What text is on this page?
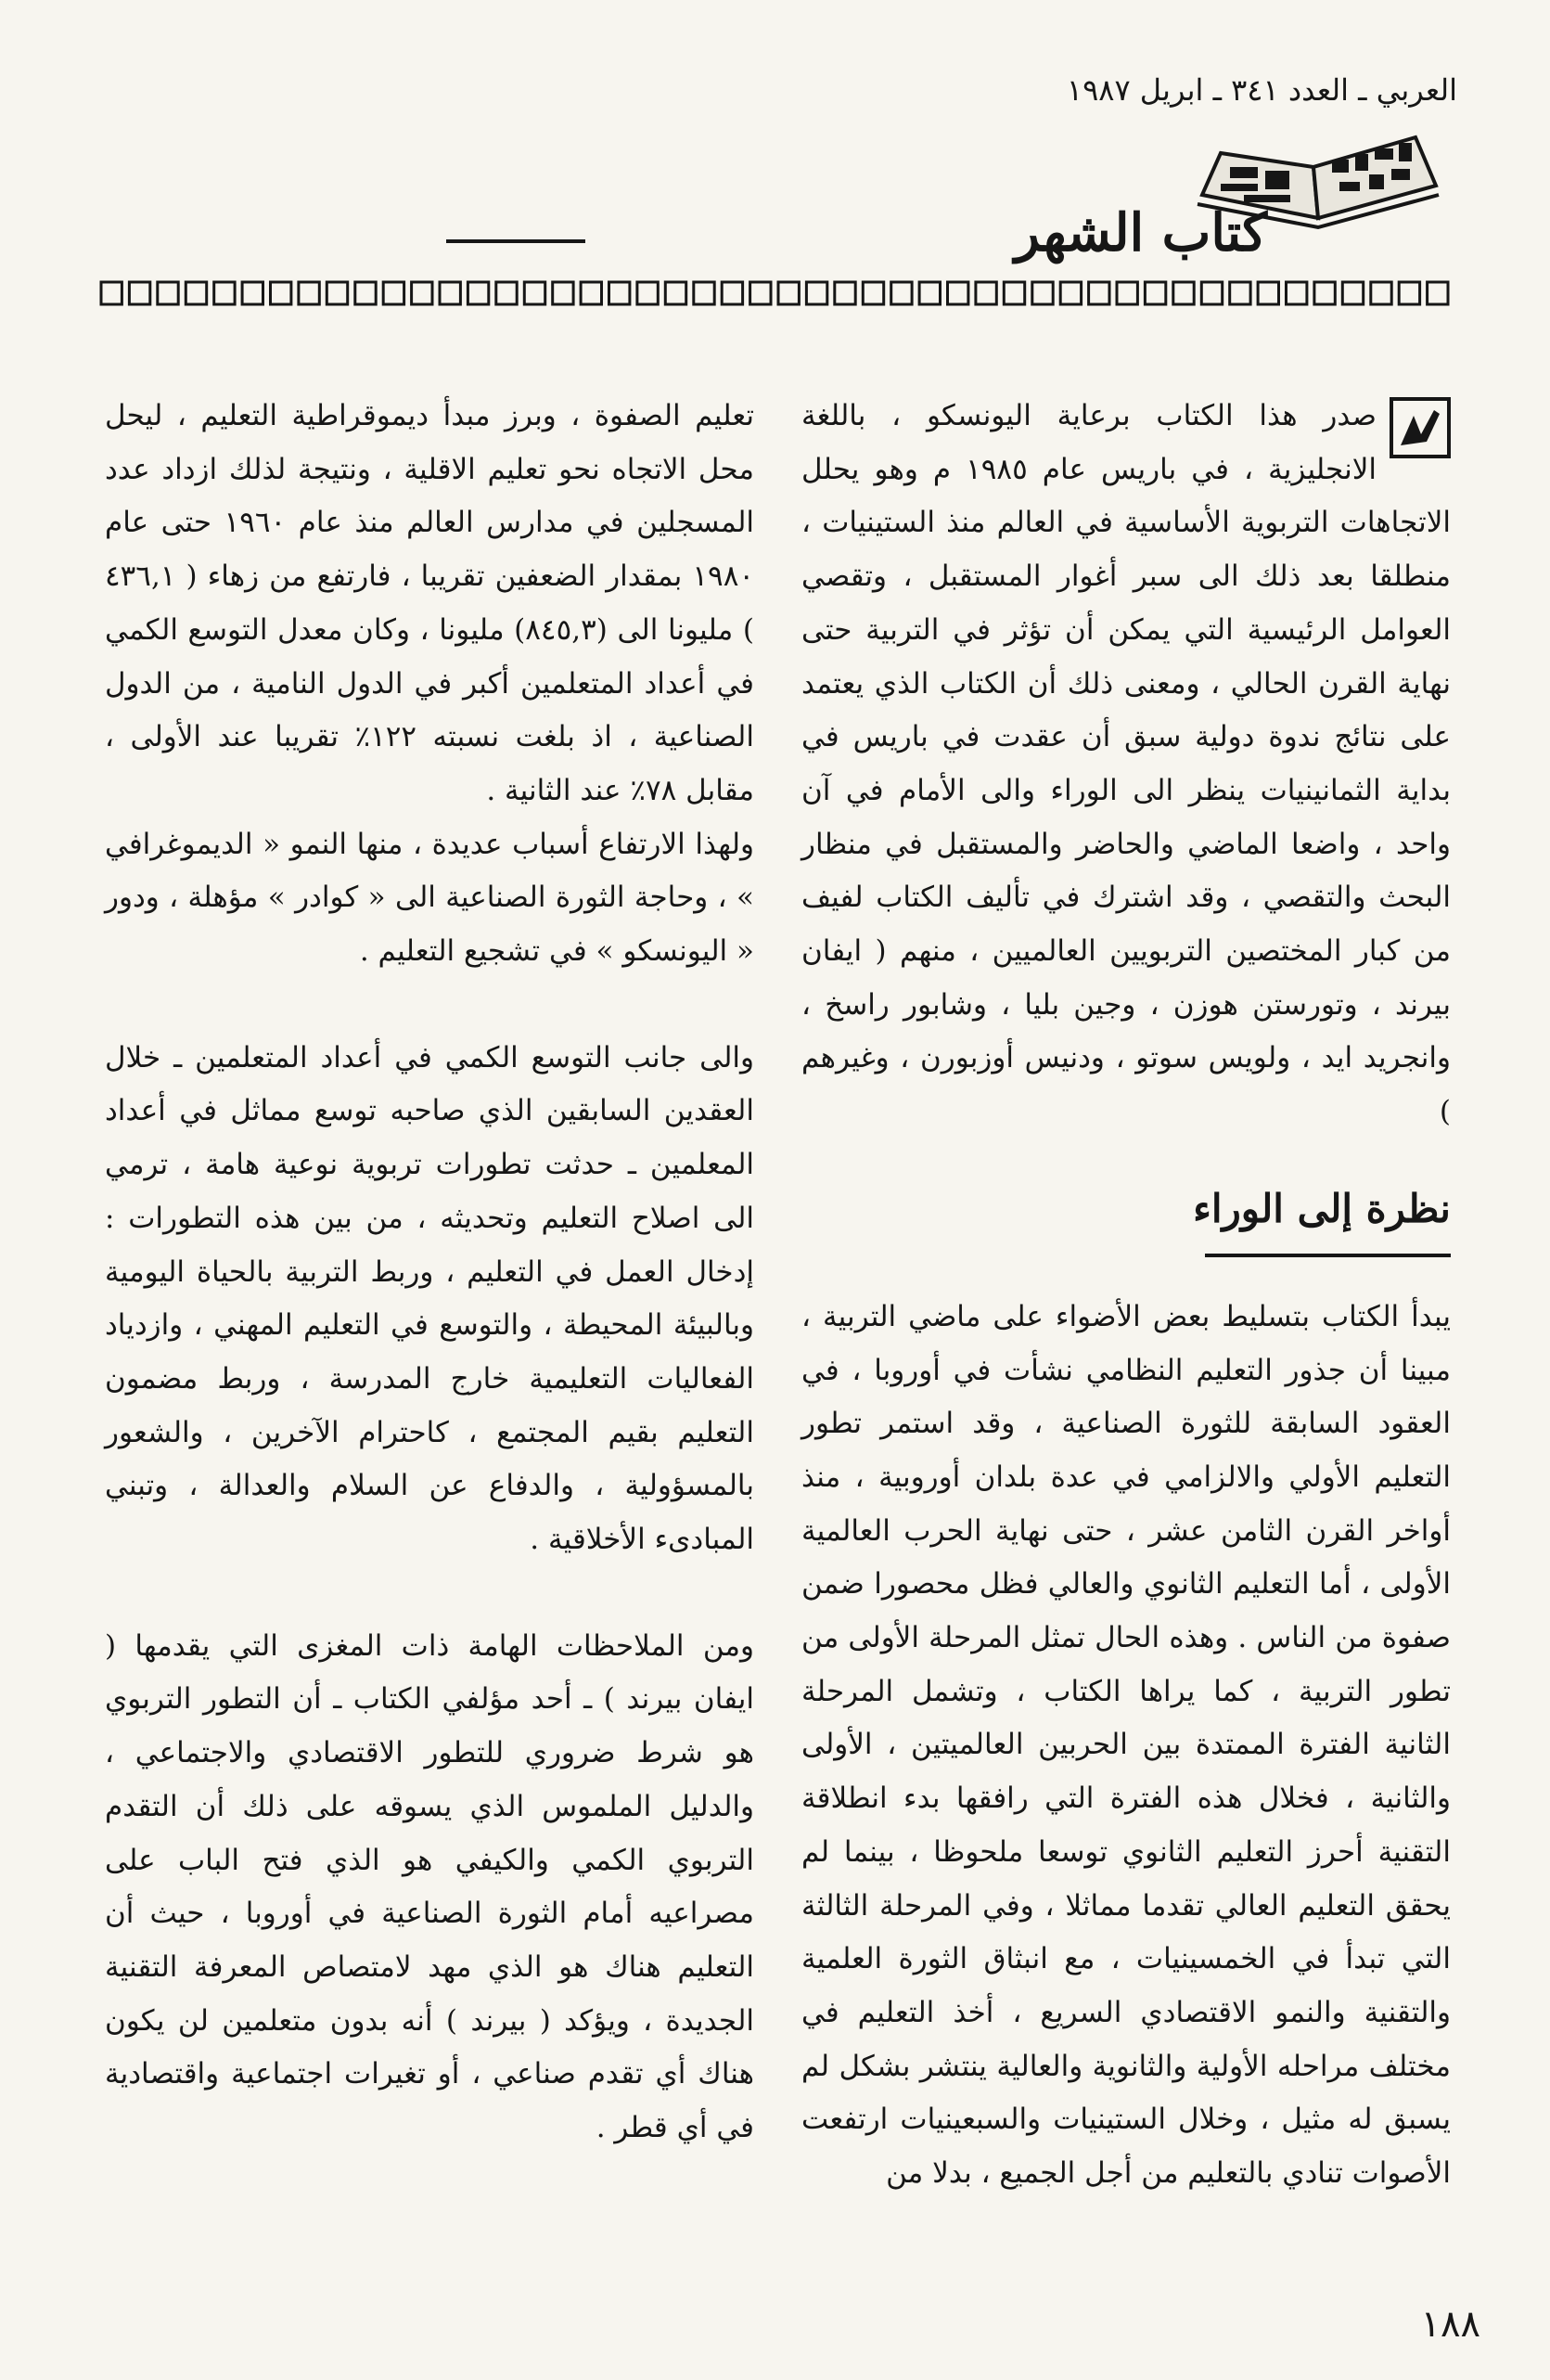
العربي ـ العدد ٣٤١ ـ ابريل ١٩٨٧
كتاب الشهر

صدر هذا الكتاب برعاية اليونسكو ، باللغة الانجليزية ، في باريس عام ١٩٨٥ م وهو يحلل الاتجاهات التربوية الأساسية في العالم منذ الستينيات ، منطلقا بعد ذلك الى سبر أغوار المستقبل ، وتقصي العوامل الرئيسية التي يمكن أن تؤثر في التربية حتى نهاية القرن الحالي ، ومعنى ذلك أن الكتاب الذي يعتمد على نتائج ندوة دولية سبق أن عقدت في باريس في بداية الثمانينيات ينظر الى الوراء والى الأمام في آن واحد ، واضعا الماضي والحاضر والمستقبل في منظار البحث والتقصي ، وقد اشترك في تأليف الكتاب لفيف من كبار المختصين التربويين العالميين ، منهم ( ايفان بيرند ، وتورستن هوزن ، وجين بليا ، وشابور راسخ ، وانجريد ايد ، ولويس سوتو ، ودنيس أوزبورن ، وغيرهم )

نظرة إلى الوراء

يبدأ الكتاب بتسليط بعض الأضواء على ماضي التربية ، مبينا أن جذور التعليم النظامي نشأت في أوروبا ، في العقود السابقة للثورة الصناعية ، وقد استمر تطور التعليم الأولي والالزامي في عدة بلدان أوروبية ، منذ أواخر القرن الثامن عشر ، حتى نهاية الحرب العالمية الأولى ، أما التعليم الثانوي والعالي فظل محصورا ضمن صفوة من الناس . وهذه الحال تمثل المرحلة الأولى من تطور التربية ، كما يراها الكتاب ، وتشمل المرحلة الثانية الفترة الممتدة بين الحربين العالميتين ، الأولى والثانية ، فخلال هذه الفترة التي رافقها بدء انطلاقة التقنية أحرز التعليم الثانوي توسعا ملحوظا ، بينما لم يحقق التعليم العالي تقدما مماثلا ، وفي المرحلة الثالثة التي تبدأ في الخمسينيات ، مع انبثاق الثورة العلمية والتقنية والنمو الاقتصادي السريع ، أخذ التعليم في مختلف مراحله الأولية والثانوية والعالية ينتشر بشكل لم يسبق له مثيل ، وخلال الستينيات والسبعينيات ارتفعت الأصوات تنادي بالتعليم من أجل الجميع ، بدلا من

تعليم الصفوة ، وبرز مبدأ ديموقراطية التعليم ، ليحل محل الاتجاه نحو تعليم الاقلية ، ونتيجة لذلك ازداد عدد المسجلين في مدارس العالم منذ عام ١٩٦٠ حتى عام ١٩٨٠ بمقدار الضعفين تقريبا ، فارتفع من زهاء ( ٤٣٦,١ ) مليونا الى (٨٤٥,٣) مليونا ، وكان معدل التوسع الكمي في أعداد المتعلمين أكبر في الدول النامية ، من الدول الصناعية ، اذ بلغت نسبته ١٢٢٪ تقريبا عند الأولى ، مقابل ٧٨٪ عند الثانية .

ولهذا الارتفاع أسباب عديدة ، منها النمو « الديموغرافي » ، وحاجة الثورة الصناعية الى « كوادر » مؤهلة ، ودور « اليونسكو » في تشجيع التعليم .

والى جانب التوسع الكمي في أعداد المتعلمين ـ خلال العقدين السابقين الذي صاحبه توسع مماثل في أعداد المعلمين ـ حدثت تطورات تربوية نوعية هامة ، ترمي الى اصلاح التعليم وتحديثه ، من بين هذه التطورات : إدخال العمل في التعليم ، وربط التربية بالحياة اليومية وبالبيئة المحيطة ، والتوسع في التعليم المهني ، وازدياد الفعاليات التعليمية خارج المدرسة ، وربط مضمون التعليم بقيم المجتمع ، كاحترام الآخرين ، والشعور بالمسؤولية ، والدفاع عن السلام والعدالة ، وتبني المبادىء الأخلاقية .

ومن الملاحظات الهامة ذات المغزى التي يقدمها ( ايفان بيرند ) ـ أحد مؤلفي الكتاب ـ أن التطور التربوي هو شرط ضروري للتطور الاقتصادي والاجتماعي ، والدليل الملموس الذي يسوقه على ذلك أن التقدم التربوي الكمي والكيفي هو الذي فتح الباب على مصراعيه أمام الثورة الصناعية في أوروبا ، حيث أن التعليم هناك هو الذي مهد لامتصاص المعرفة التقنية الجديدة ، ويؤكد ( بيرند ) أنه بدون متعلمين لن يكون هناك أي تقدم صناعي ، أو تغيرات اجتماعية واقتصادية في أي قطر .

١٨٨
